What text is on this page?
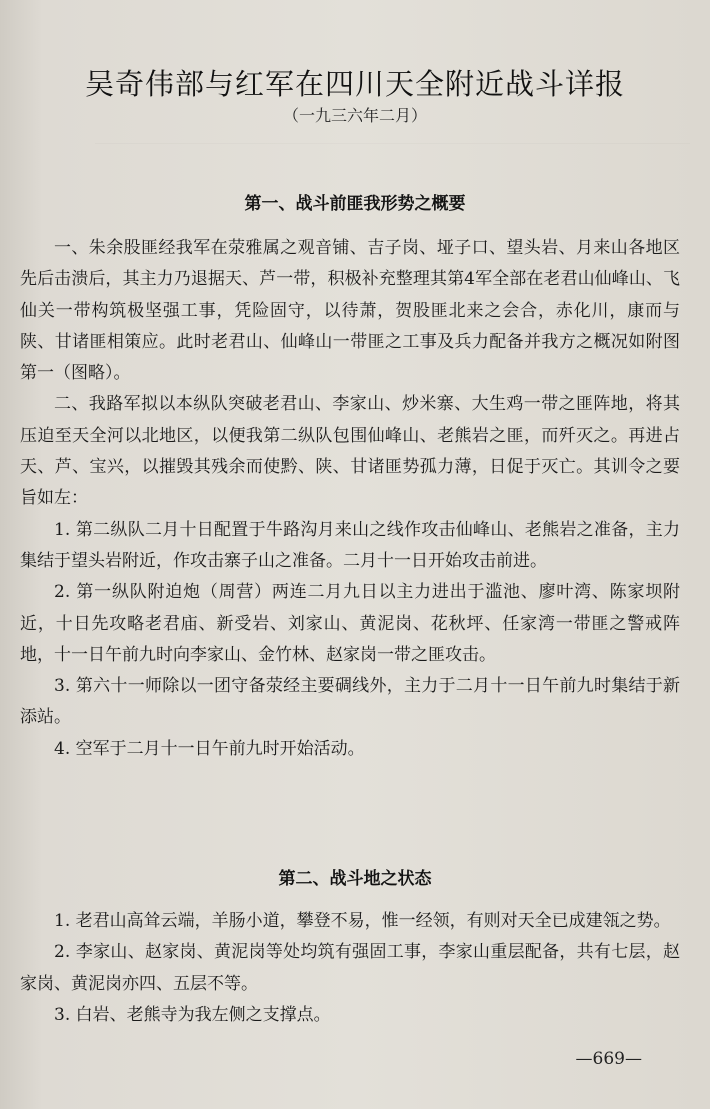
吴奇伟部与红军在四川天全附近战斗详报
（一九三六年二月）
第一、战斗前匪我形势之概要

一、朱余股匪经我军在荥雅属之观音铺、吉子岗、垭子口、望头岩、月来山各地区先后击溃后，其主力乃退据天、芦一带，积极补充整理其第4军全部在老君山仙峰山、飞仙关一带构筑极坚强工事，凭险固守，以待萧，贺股匪北来之会合，赤化川，康而与陕、甘诸匪相策应。此时老君山、仙峰山一带匪之工事及兵力配备并我方之概况如附图第一（图略）。

二、我路军拟以本纵队突破老君山、李家山、炒米寨、大生鸡一带之匪阵地，将其压迫至天全河以北地区，以便我第二纵队包围仙峰山、老熊岩之匪，而歼灭之。再进占天、芦、宝兴，以摧毁其残余而使黔、陕、甘诸匪势孤力薄，日促于灭亡。其训令之要旨如左：

1. 第二纵队二月十日配置于牛路沟月来山之线作攻击仙峰山、老熊岩之准备，主力集结于望头岩附近，作攻击寨子山之准备。二月十一日开始攻击前进。

2. 第一纵队附迫炮（周营）两连二月九日以主力进出于滥池、廖叶湾、陈家坝附近，十日先攻略老君庙、新受岩、刘家山、黄泥岗、花秋坪、任家湾一带匪之警戒阵地，十一日午前九时向李家山、金竹林、赵家岗一带之匪攻击。

3. 第六十一师除以一团守备荥经主要碉线外，主力于二月十一日午前九时集结于新添站。

4. 空军于二月十一日午前九时开始活动。

第二、战斗地之状态

1. 老君山高耸云端，羊肠小道，攀登不易，惟一经领，有则对天全已成建瓴之势。

2. 李家山、赵家岗、黄泥岗等处均筑有强固工事，李家山重层配备，共有七层，赵家岗、黄泥岗亦四、五层不等。

3. 白岩、老熊寺为我左侧之支撑点。

—669—
